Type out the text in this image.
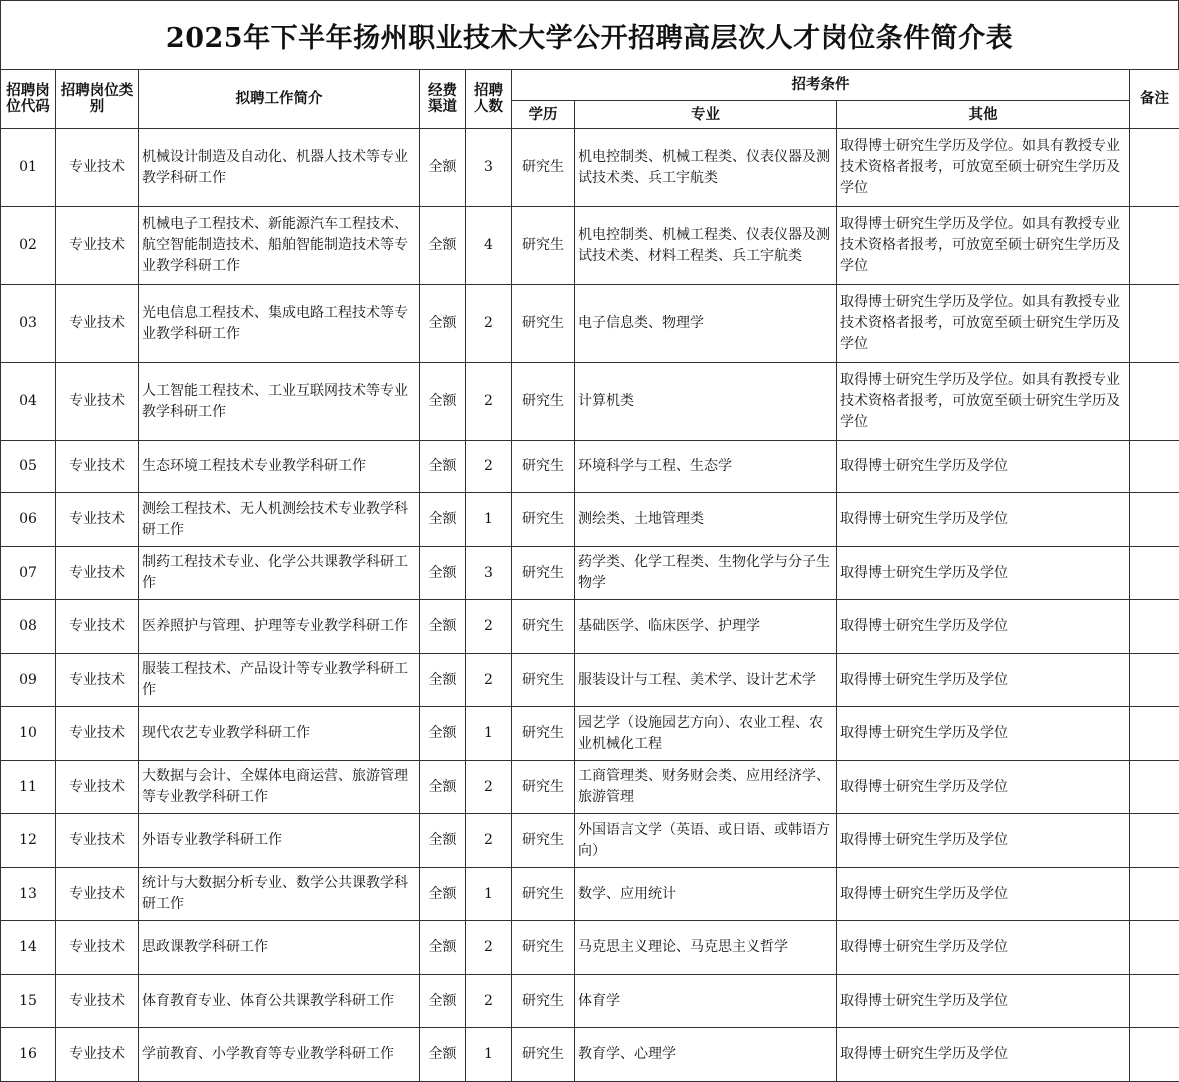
2025年下半年扬州职业技术大学公开招聘高层次人才岗位条件简介表
招聘岗位代码	招聘岗位类别	拟聘工作简介	经费渠道	招聘人数	招考条件			备注
					学历	专业	其他	
01	专业技术	机械设计制造及自动化、机器人技术等专业教学科研工作	全额	3	研究生	机电控制类、机械工程类、仪表仪器及测试技术类、兵工宇航类	取得博士研究生学历及学位。如具有教授专业技术资格者报考，可放宽至硕士研究生学历及学位	
02	专业技术	机械电子工程技术、新能源汽车工程技术、航空智能制造技术、船舶智能制造技术等专业教学科研工作	全额	4	研究生	机电控制类、机械工程类、仪表仪器及测试技术类、材料工程类、兵工宇航类	取得博士研究生学历及学位。如具有教授专业技术资格者报考，可放宽至硕士研究生学历及学位	
03	专业技术	光电信息工程技术、集成电路工程技术等专业教学科研工作	全额	2	研究生	电子信息类、物理学	取得博士研究生学历及学位。如具有教授专业技术资格者报考，可放宽至硕士研究生学历及学位	
04	专业技术	人工智能工程技术、工业互联网技术等专业教学科研工作	全额	2	研究生	计算机类	取得博士研究生学历及学位。如具有教授专业技术资格者报考，可放宽至硕士研究生学历及学位	
05	专业技术	生态环境工程技术专业教学科研工作	全额	2	研究生	环境科学与工程、生态学	取得博士研究生学历及学位	
06	专业技术	测绘工程技术、无人机测绘技术专业教学科研工作	全额	1	研究生	测绘类、土地管理类	取得博士研究生学历及学位	
07	专业技术	制药工程技术专业、化学公共课教学科研工作	全额	3	研究生	药学类、化学工程类、生物化学与分子生物学	取得博士研究生学历及学位	
08	专业技术	医养照护与管理、护理等专业教学科研工作	全额	2	研究生	基础医学、临床医学、护理学	取得博士研究生学历及学位	
09	专业技术	服装工程技术、产品设计等专业教学科研工作	全额	2	研究生	服装设计与工程、美术学、设计艺术学	取得博士研究生学历及学位	
10	专业技术	现代农艺专业教学科研工作	全额	1	研究生	园艺学（设施园艺方向）、农业工程、农业机械化工程	取得博士研究生学历及学位	
11	专业技术	大数据与会计、全媒体电商运营、旅游管理等专业教学科研工作	全额	2	研究生	工商管理类、财务财会类、应用经济学、旅游管理	取得博士研究生学历及学位	
12	专业技术	外语专业教学科研工作	全额	2	研究生	外国语言文学（英语、或日语、或韩语方向）	取得博士研究生学历及学位	
13	专业技术	统计与大数据分析专业、数学公共课教学科研工作	全额	1	研究生	数学、应用统计	取得博士研究生学历及学位	
14	专业技术	思政课教学科研工作	全额	2	研究生	马克思主义理论、马克思主义哲学	取得博士研究生学历及学位	
15	专业技术	体育教育专业、体育公共课教学科研工作	全额	2	研究生	体育学	取得博士研究生学历及学位	
16	专业技术	学前教育、小学教育等专业教学科研工作	全额	1	研究生	教育学、心理学	取得博士研究生学历及学位	
